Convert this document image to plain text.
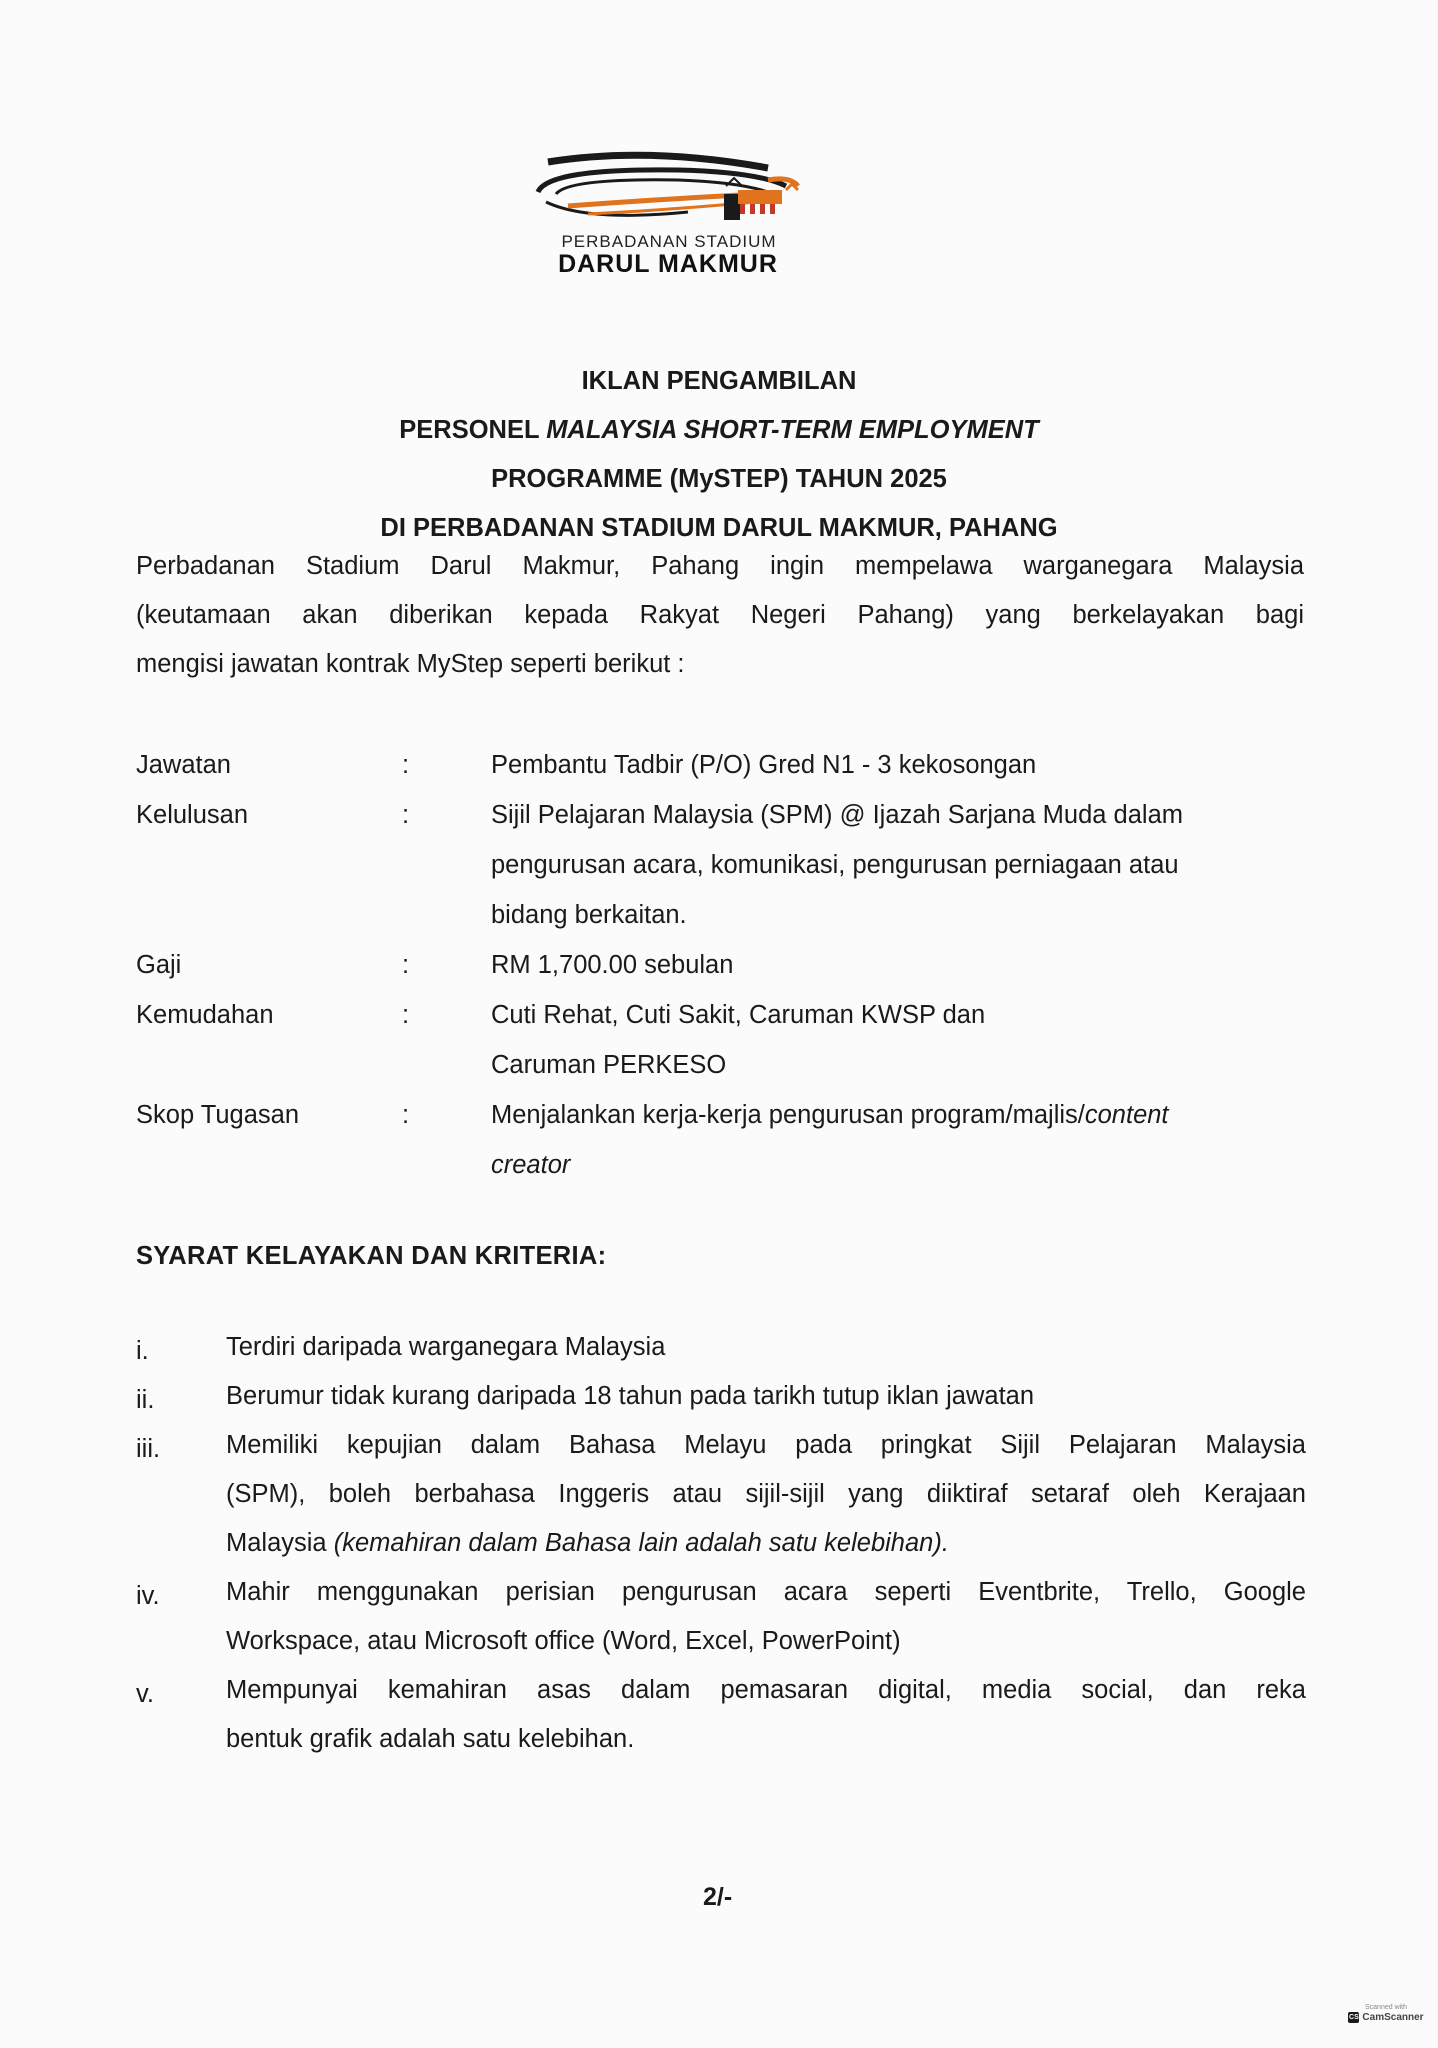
PERBADANAN STADIUM
DARUL MAKMUR
IKLAN PENGAMBILAN
PERSONEL MALAYSIA SHORT-TERM EMPLOYMENT
PROGRAMME (MySTEP) TAHUN 2025
DI PERBADANAN STADIUM DARUL MAKMUR, PAHANG
Perbadanan Stadium Darul Makmur, Pahang ingin mempelawa warganegara Malaysia
(keutamaan akan diberikan kepada Rakyat Negeri Pahang) yang berkelayakan bagi
mengisi jawatan kontrak MyStep seperti berikut :
Jawatan	:	Pembantu Tadbir (P/O) Gred N1 - 3 kekosongan
Kelulusan	:	Sijil Pelajaran Malaysia (SPM) @ Ijazah Sarjana Muda dalam
pengurusan acara, komunikasi, pengurusan perniagaan atau
bidang berkaitan.
Gaji	:	RM 1,700.00 sebulan
Kemudahan	:	Cuti Rehat, Cuti Sakit, Caruman KWSP dan
Caruman PERKESO
Skop Tugasan	:	Menjalankan kerja-kerja pengurusan program/majlis/content
creator
SYARAT KELAYAKAN DAN KRITERIA:
i.	Terdiri daripada warganegara Malaysia
ii.	Berumur tidak kurang daripada 18 tahun pada tarikh tutup iklan jawatan
iii.	Memiliki kepujian dalam Bahasa Melayu pada pringkat Sijil Pelajaran Malaysia
(SPM), boleh berbahasa Inggeris atau sijil-sijil yang diiktiraf setaraf oleh Kerajaan
Malaysia (kemahiran dalam Bahasa lain adalah satu kelebihan).
iv.	Mahir menggunakan perisian pengurusan acara seperti Eventbrite, Trello, Google
Workspace, atau Microsoft office (Word, Excel, PowerPoint)
v.	Mempunyai kemahiran asas dalam pemasaran digital, media social, dan reka
bentuk grafik adalah satu kelebihan.
2/-
Scanned with
CS CamScanner
